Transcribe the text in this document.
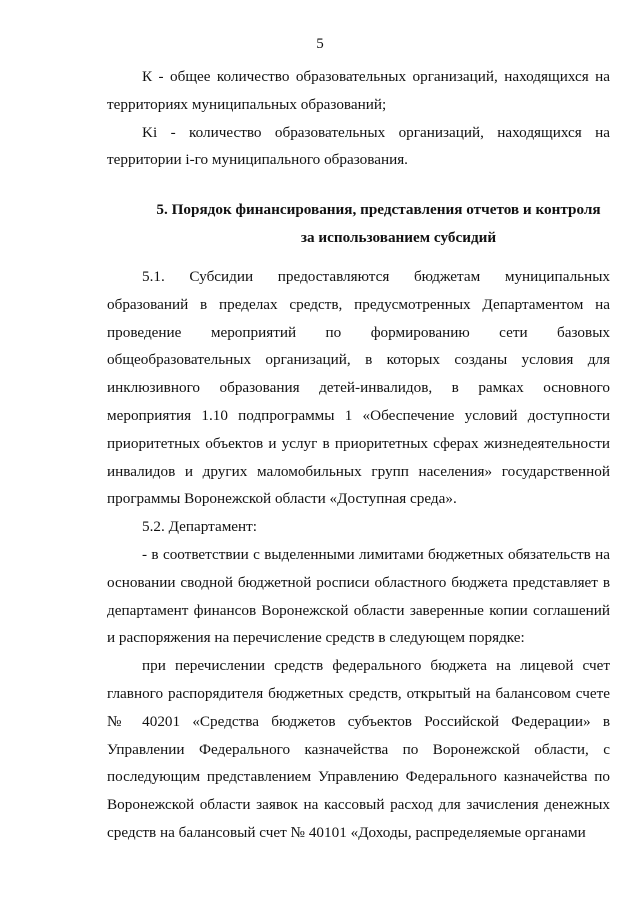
5

К - общее количество образовательных организаций, находящихся на территориях муниципальных образований;

Ki - количество образовательных организаций, находящихся на территории i-го муниципального образования.

5. Порядок финансирования, представления отчетов и контроля
за использованием субсидий

5.1. Субсидии предоставляются бюджетам муниципальных образований в пределах средств, предусмотренных Департаментом на проведение мероприятий по формированию сети базовых общеобразовательных организаций, в которых созданы условия для инклюзивного образования детей-инвалидов, в рамках основного мероприятия 1.10 подпрограммы 1 «Обеспечение условий доступности приоритетных объектов и услуг в приоритетных сферах жизнедеятельности инвалидов и других маломобильных групп населения» государственной программы Воронежской области «Доступная среда».

5.2. Департамент:

- в соответствии с выделенными лимитами бюджетных обязательств на основании сводной бюджетной росписи областного бюджета представляет в департамент финансов Воронежской области заверенные копии соглашений и распоряжения на перечисление средств в следующем порядке:

при перечислении средств федерального бюджета на лицевой счет главного распорядителя бюджетных средств, открытый на балансовом счете № 40201 «Средства бюджетов субъектов Российской Федерации» в Управлении Федерального казначейства по Воронежской области, с последующим представлением Управлению Федерального казначейства по Воронежской области заявок на кассовый расход для зачисления денежных средств на балансовый счет № 40101 «Доходы, распределяемые органами
